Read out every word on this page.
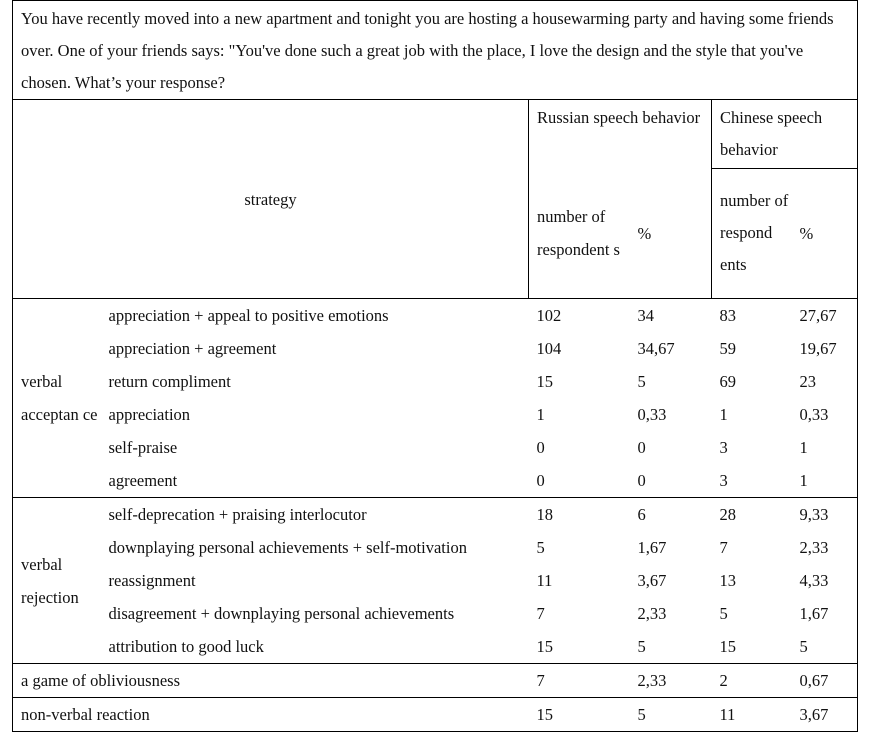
You have recently moved into a new apartment and tonight you are hosting a housewarming party and having some friends over. One of your friends says: "You've done such a great job with the place, I love the design and the style that you've chosen. What’s your response?					
strategy		Russian speech behavior		Chinese speech behavior	
		number of respondent s	%	number of respond ents	%
verbal acceptan ce	appreciation + appeal to positive emotions	102	34	83	27,67
	appreciation + agreement	104	34,67	59	19,67
	return compliment	15	5	69	23
	appreciation	1	0,33	1	0,33
	self-praise	0	0	3	1
	agreement	0	0	3	1
verbal rejection	self-deprecation + praising interlocutor	18	6	28	9,33
	downplaying personal achievements + self-motivation	5	1,67	7	2,33
	reassignment	11	3,67	13	4,33
	disagreement + downplaying personal achievements	7	2,33	5	1,67
	attribution to good luck	15	5	15	5
a game of obliviousness		7	2,33	2	0,67
non-verbal reaction		15	5	11	3,67
